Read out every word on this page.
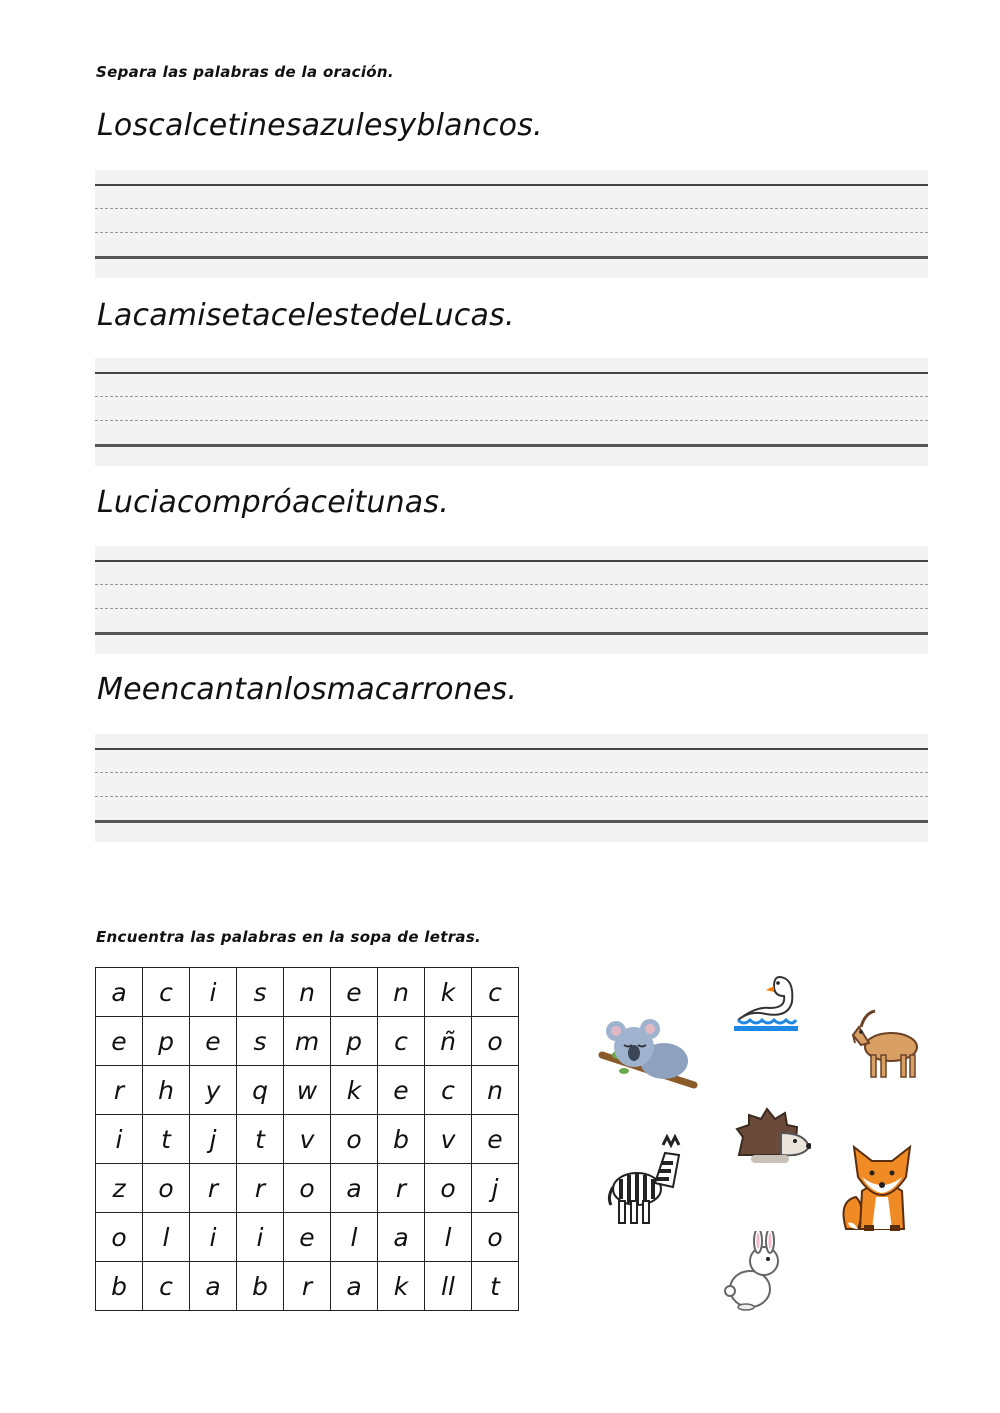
Separa las palabras de la oración.
Loscalcetinesazulesyblancos.
LacamisetacelestedeLucas.
Luciacompróaceitunas.
Meencantanlosmacarrones.
Encuentra las palabras en la sopa de letras.
a	c	i	s	n	e	n	k	c
e	p	e	s	m	p	c	ñ	o
r	h	y	q	w	k	e	c	n
i	t	j	t	v	o	b	v	e
z	o	r	r	o	a	r	o	j
o	l	i	i	e	l	a	l	o
b	c	a	b	r	a	k	ll	t
